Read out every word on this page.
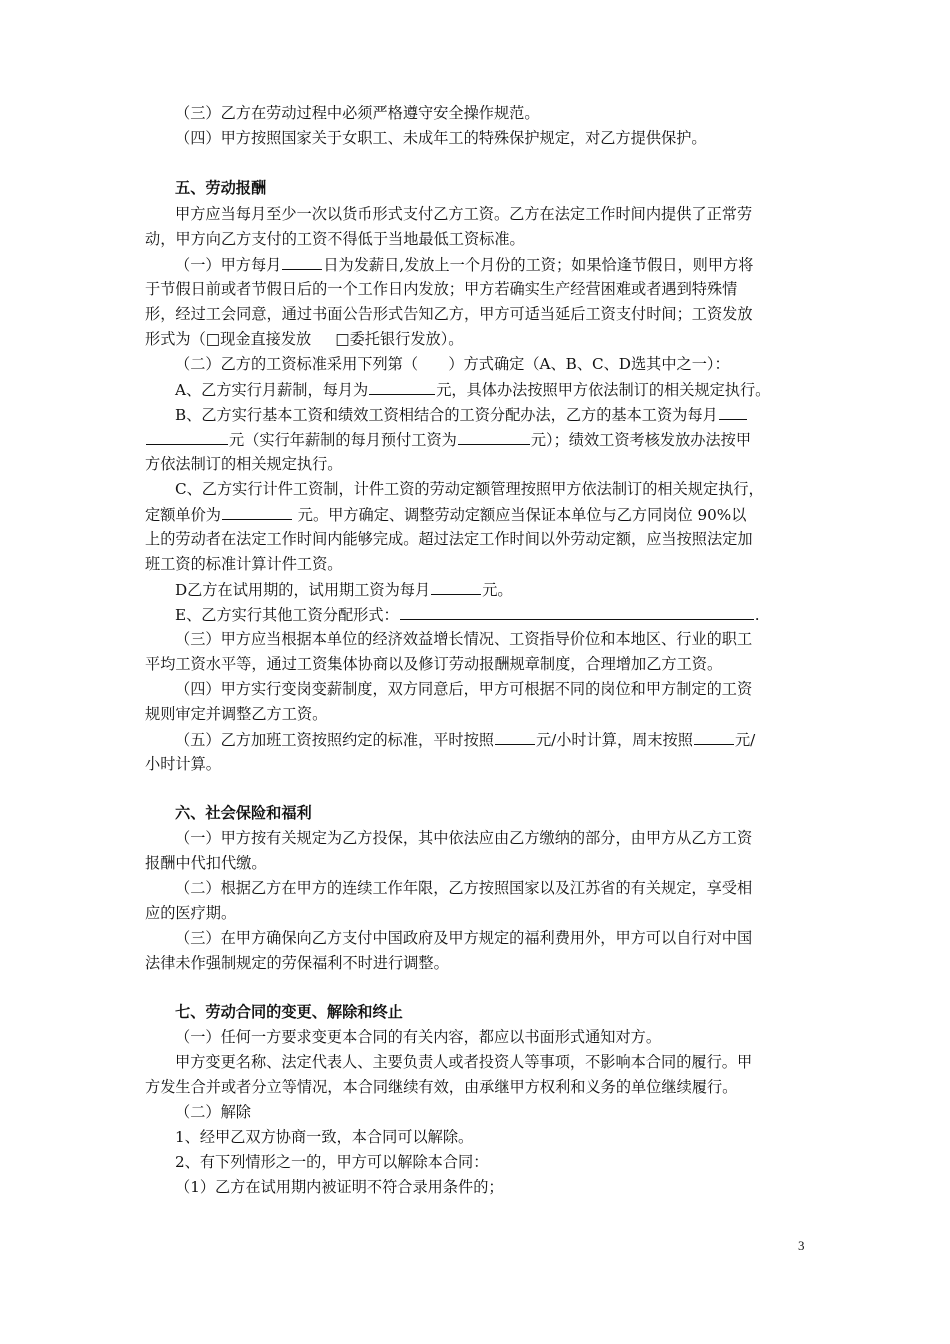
（三）乙方在劳动过程中必须严格遵守安全操作规范。
（四）甲方按照国家关于女职工、未成年工的特殊保护规定，对乙方提供保护。
五、劳动报酬
甲方应当每月至少一次以货币形式支付乙方工资。乙方在法定工作时间内提供了正常劳
动，甲方向乙方支付的工资不得低于当地最低工资标准。
（一）甲方每月	日为发薪日,发放上一个月份的工资；如果恰逢节假日，则甲方将
于节假日前或者节假日后的一个工作日内发放；甲方若确实生产经营困难或者遇到特殊情
形，经过工会同意，通过书面公告形式告知乙方，甲方可适当延后工资支付时间；工资发放
形式为（□现金直接发放 □委托银行发放）。
（二）乙方的工资标准采用下列第（　　）方式确定（A、B、C、D选其中之一）：
A、乙方实行月薪制，每月为	元，具体办法按照甲方依法制订的相关规定执行。
B、乙方实行基本工资和绩效工资相结合的工资分配办法，乙方的基本工资为每月
元（实行年薪制的每月预付工资为	元）；绩效工资考核发放办法按甲
方依法制订的相关规定执行。
C、乙方实行计件工资制，计件工资的劳动定额管理按照甲方依法制订的相关规定执行，
定额单价为	元。甲方确定、调整劳动定额应当保证本单位与乙方同岗位 90%以
上的劳动者在法定工作时间内能够完成。超过法定工作时间以外劳动定额，应当按照法定加
班工资的标准计算计件工资。
D乙方在试用期的，试用期工资为每月	元。
E、乙方实行其他工资分配形式：	.
（三）甲方应当根据本单位的经济效益增长情况、工资指导价位和本地区、行业的职工
平均工资水平等，通过工资集体协商以及修订劳动报酬规章制度，合理增加乙方工资。
（四）甲方实行变岗变薪制度，双方同意后，甲方可根据不同的岗位和甲方制定的工资
规则审定并调整乙方工资。
（五）乙方加班工资按照约定的标准，平时按照	元/小时计算，周末按照	元/
小时计算。
六、社会保险和福利
（一）甲方按有关规定为乙方投保，其中依法应由乙方缴纳的部分，由甲方从乙方工资
报酬中代扣代缴。
（二）根据乙方在甲方的连续工作年限，乙方按照国家以及江苏省的有关规定，享受相
应的医疗期。
（三）在甲方确保向乙方支付中国政府及甲方规定的福利费用外，甲方可以自行对中国
法律未作强制规定的劳保福利不时进行调整。
七、劳动合同的变更、解除和终止
（一）任何一方要求变更本合同的有关内容，都应以书面形式通知对方。
甲方变更名称、法定代表人、主要负责人或者投资人等事项，不影响本合同的履行。甲
方发生合并或者分立等情况，本合同继续有效，由承继甲方权利和义务的单位继续履行。
（二）解除
1、经甲乙双方协商一致，本合同可以解除。
2、有下列情形之一的，甲方可以解除本合同：
（1）乙方在试用期内被证明不符合录用条件的；
3
